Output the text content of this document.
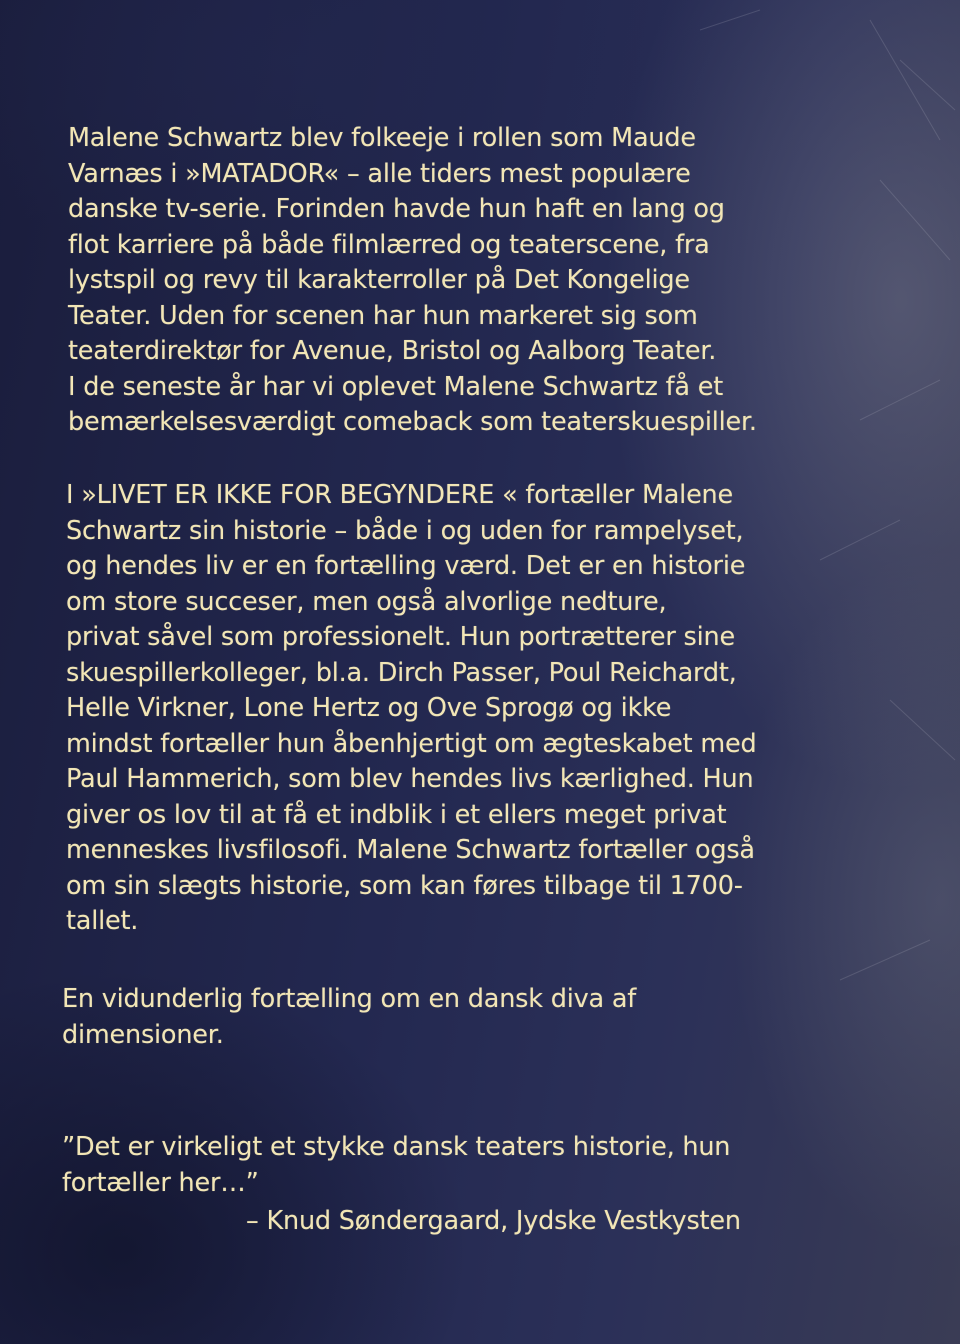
Malene Schwartz blev folkeeje i rollen som Maude
Varnæs i »MATADOR« – alle tiders mest populære
danske tv-serie. Forinden havde hun haft en lang og
flot karriere på både filmlærred og teaterscene, fra
lystspil og revy til karakterroller på Det Kongelige
Teater. Uden for scenen har hun markeret sig som
teaterdirektør for Avenue, Bristol og Aalborg Teater.
I de seneste år har vi oplevet Malene Schwartz få et
bemærkelsesværdigt comeback som teaterskuespiller.
I »LIVET ER IKKE FOR BEGYNDERE « fortæller Malene
Schwartz sin historie – både i og uden for rampelyset,
og hendes liv er en fortælling værd. Det er en historie
om store succeser, men også alvorlige nedture,
privat såvel som professionelt. Hun portrætterer sine
skuespillerkolleger, bl.a. Dirch Passer, Poul Reichardt,
Helle Virkner, Lone Hertz og Ove Sprogø og ikke
mindst fortæller hun åbenhjertigt om ægteskabet med
Paul Hammerich, som blev hendes livs kærlighed. Hun
giver os lov til at få et indblik i et ellers meget privat
menneskes livsfilosofi. Malene Schwartz fortæller også
om sin slægts historie, som kan føres tilbage til 1700-
tallet.
En vidunderlig fortælling om en dansk diva af
dimensioner.
”Det er virkeligt et stykke dansk teaters historie, hun
fortæller her…”
– Knud Søndergaard, Jydske Vestkysten
